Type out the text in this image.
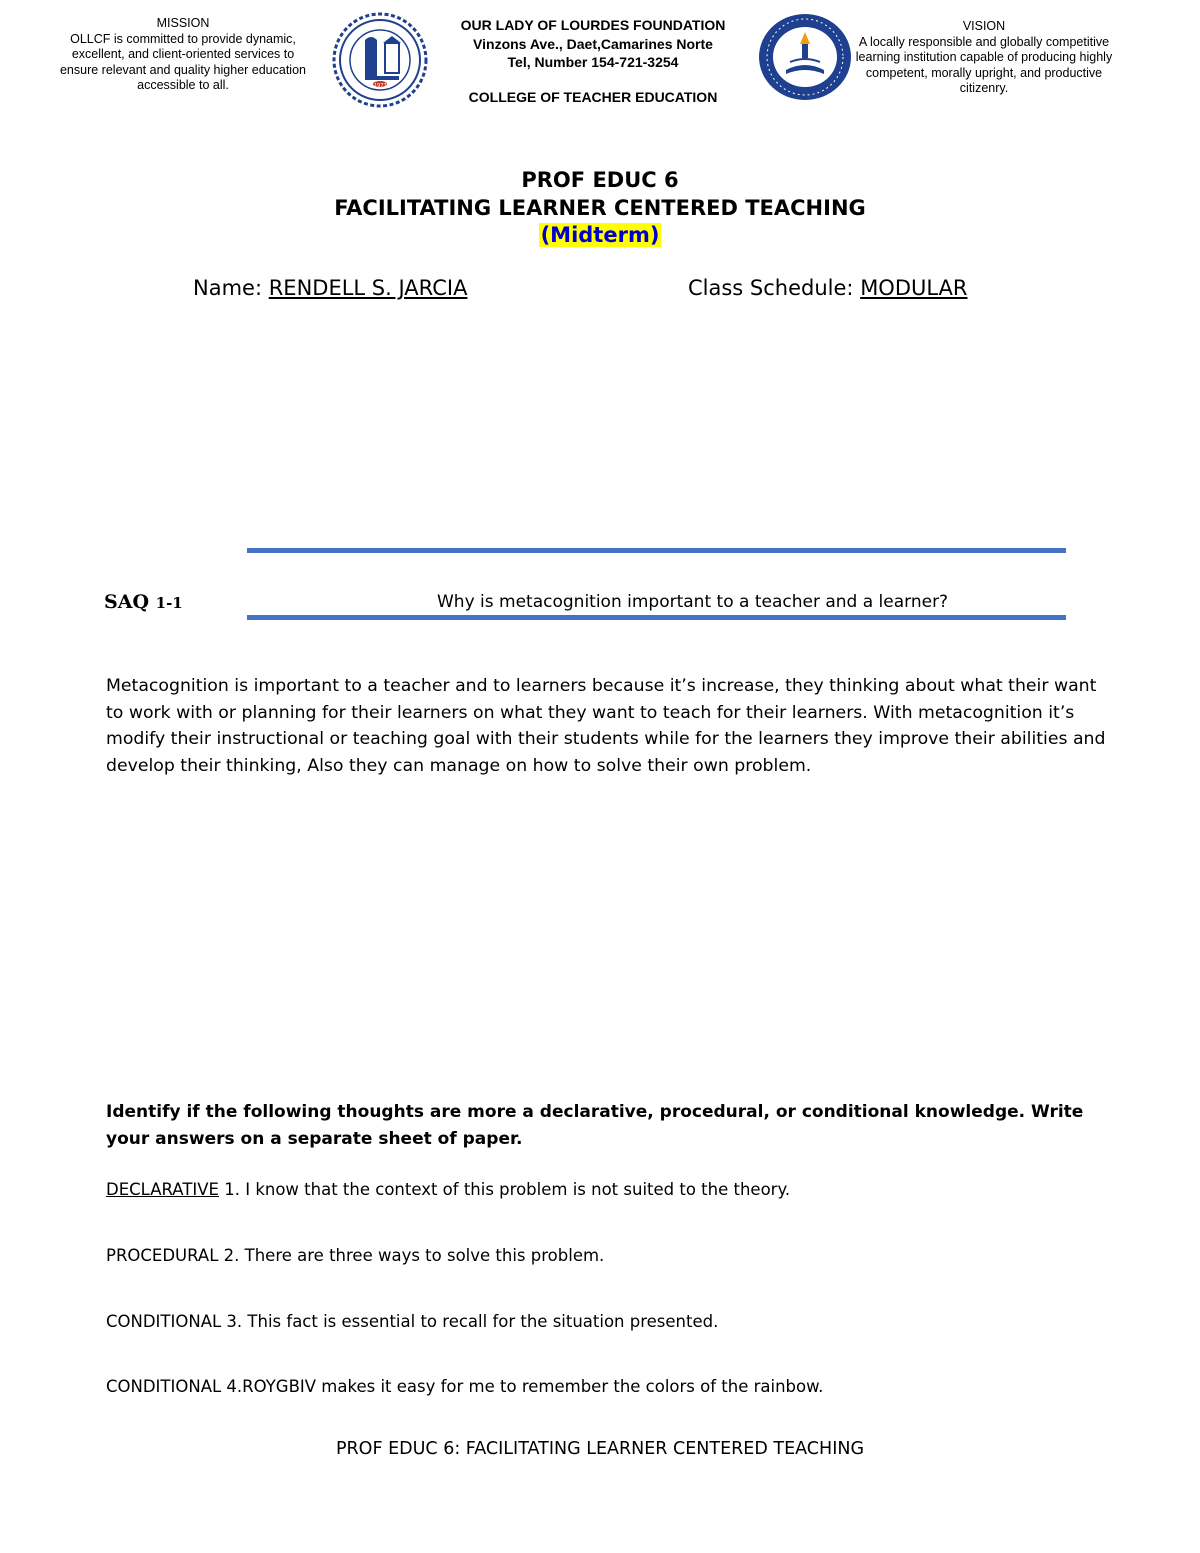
MISSION
OLLCF is committed to provide dynamic, excellent, and client-oriented services to ensure relevant and quality higher education accessible to all.	1977
OUR LADY OF LOURDES FOUNDATION
Vinzons Ave., Daet,Camarines Norte
Tel, Number 154-721-3254
COLLEGE OF TEACHER EDUCATION
VISION
A locally responsible and globally competitive learning institution capable of producing highly competent, morally upright, and productive citizenry.
PROF EDUC 6
FACILITATING LEARNER CENTERED TEACHING
(Midterm)
Name: RENDELL S. JARCIA	Class Schedule: MODULAR
SAQ 1-1	Why is metacognition important to a teacher and a learner?
Metacognition is important to a teacher and to learners because it’s increase, they thinking about what their want to work with or planning for their learners on what they want to teach for their learners. With metacognition it’s modify their instructional or teaching goal with their students while for the learners they improve their abilities and develop their thinking, Also they can manage on how to solve their own problem.
Identify if the following thoughts are more a declarative, procedural, or conditional knowledge. Write your answers on a separate sheet of paper.
DECLARATIVE 1. I know that the context of this problem is not suited to the theory.
PROCEDURAL 2. There are three ways to solve this problem.
CONDITIONAL 3. This fact is essential to recall for the situation presented.
CONDITIONAL 4.ROYGBIV makes it easy for me to remember the colors of the rainbow.
PROF EDUC 6: FACILITATING LEARNER CENTERED TEACHING
